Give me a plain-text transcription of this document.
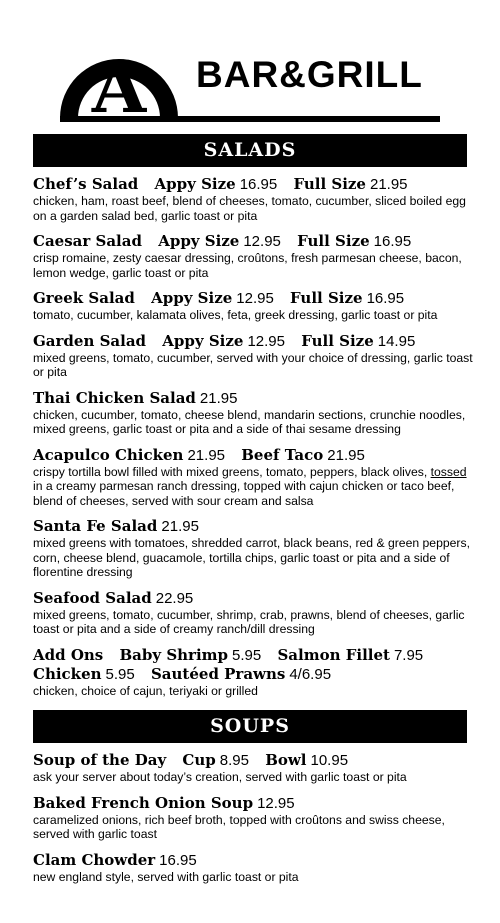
A BAR&GRILL
SALADS
Chef’s Salad Appy Size 16.95 Full Size 21.95
chicken, ham, roast beef, blend of cheeses, tomato, cucumber, sliced boiled egg on a garden salad bed, garlic toast or pita
Caesar Salad Appy Size 12.95 Full Size 16.95
crisp romaine, zesty caesar dressing, croûtons, fresh parmesan cheese, bacon, lemon wedge, garlic toast or pita
Greek Salad Appy Size 12.95 Full Size 16.95
tomato, cucumber, kalamata olives, feta, greek dressing, garlic toast or pita
Garden Salad Appy Size 12.95 Full Size 14.95
mixed greens, tomato, cucumber, served with your choice of dressing, garlic toast or pita
Thai Chicken Salad 21.95
chicken, cucumber, tomato, cheese blend, mandarin sections, crunchie noodles, mixed greens, garlic toast or pita and a side of thai sesame dressing
Acapulco Chicken 21.95 Beef Taco 21.95
crispy tortilla bowl filled with mixed greens, tomato, peppers, black olives, tossed in a creamy parmesan ranch dressing, topped with cajun chicken or taco beef, blend of cheeses, served with sour cream and salsa
Santa Fe Salad 21.95
mixed greens with tomatoes, shredded carrot, black beans, red & green peppers, corn, cheese blend, guacamole, tortilla chips, garlic toast or pita and a side of florentine dressing
Seafood Salad 22.95
mixed greens, tomato, cucumber, shrimp, crab, prawns, blend of cheeses, garlic toast or pita and a side of creamy ranch/dill dressing
Add Ons Baby Shrimp 5.95 Salmon Fillet 7.95
Chicken 5.95 Sautéed Prawns 4/6.95
chicken, choice of cajun, teriyaki or grilled
SOUPS
Soup of the Day Cup 8.95 Bowl 10.95
ask your server about today’s creation, served with garlic toast or pita
Baked French Onion Soup 12.95
caramelized onions, rich beef broth, topped with croûtons and swiss cheese, served with garlic toast
Clam Chowder 16.95
new england style, served with garlic toast or pita
